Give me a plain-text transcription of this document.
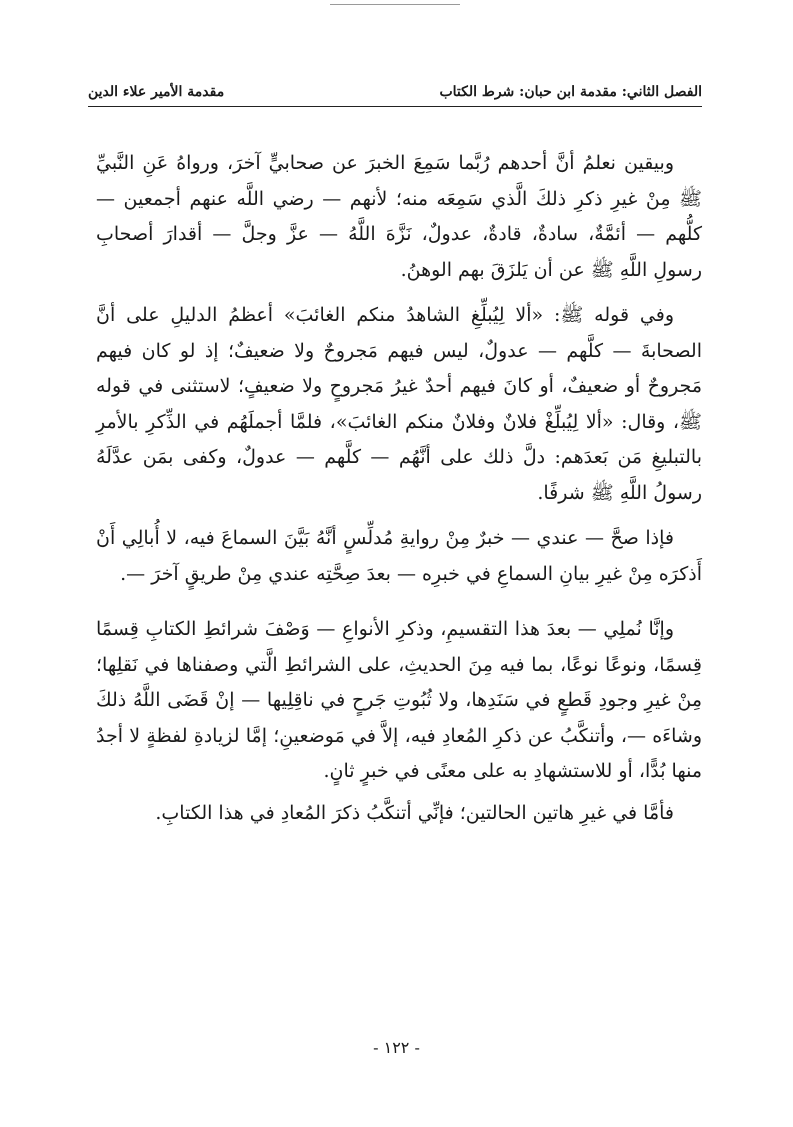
الفصل الثاني: مقدمة ابن حبان: شرط الكتاب
مقدمة الأمير علاء الدين

وبيقين نعلمُ أنَّ أحدهم رُبَّما سَمِعَ الخبرَ عن صحابيٍّ آخرَ، ورواهُ عَنِ النَّبيِّ ﷺ مِنْ غيرِ ذكرِ ذلكَ الَّذي سَمِعَه منه؛ لأنهم — رضي اللَّه عنهم أجمعين — كلُّهم — أئمَّةٌ، سادةٌ، قادةٌ، عدولٌ، نَزَّهَ اللَّهُ — عزَّ وجلَّ — أقدارَ أصحابِ رسولِ اللَّهِ ﷺ عن أن يَلزَقَ بهم الوهنُ.

وفي قوله ﷺ: «ألا لِيُبلِّغِ الشاهدُ منكم الغائبَ» أعظمُ الدليلِ على أنَّ الصحابةَ — كلَّهم — عدولٌ، ليس فيهم مَجروحٌ ولا ضعيفٌ؛ إذ لو كان فيهم مَجروحٌ أو ضعيفٌ، أو كانَ فيهم أحدٌ غيرُ مَجروحٍ ولا ضعيفٍ؛ لاستثنى في قوله ﷺ، وقال: «ألا لِيُبلِّغْ فلانٌ وفلانٌ منكم الغائبَ»، فلمَّا أجملَهُم في الذِّكرِ بالأمرِ بالتبليغِ مَن بَعدَهم: دلَّ ذلك على أنَّهُم — كلَّهم — عدولٌ، وكفى بمَن عدَّلَهُ رسولُ اللَّهِ ﷺ شرفًا.

فإذا صحَّ — عندي — خبرٌ مِنْ روايةِ مُدلِّسٍ أنَّهُ بَيَّنَ السماعَ فيه، لا أُبالِي أَنْ أَذكرَه مِنْ غيرِ بيانِ السماعِ في خبرِه — بعدَ صِحَّتِه عندي مِنْ طريقٍ آخرَ —.

وإنَّا نُملِي — بعدَ هذا التقسيمِ، وذكرِ الأنواعِ — وَصْفَ شرائطِ الكتابِ قِسمًا قِسمًا، ونوعًا نوعًا، بما فيه مِنَ الحديثِ، على الشرائطِ الَّتي وصفناها في نَقلِها؛ مِنْ غيرِ وجودِ قَطعٍ في سَنَدِها، ولا ثُبُوتِ جَرحٍ في ناقِلِيها — إنْ قَضَى اللَّهُ ذلكَ وشاءَه —، وأتنكَّبُ عن ذكرِ المُعادِ فيه، إلاَّ في مَوضعينِ؛ إمَّا لزيادةِ لفظةٍ لا أجدُ منها بُدًّا، أو للاستشهادِ به على معنًى في خبرٍ ثانٍ.

فأمَّا في غيرِ هاتين الحالتين؛ فإنِّي أتنكَّبُ ذكرَ المُعادِ في هذا الكتابِ.

- ١٢٢ -
